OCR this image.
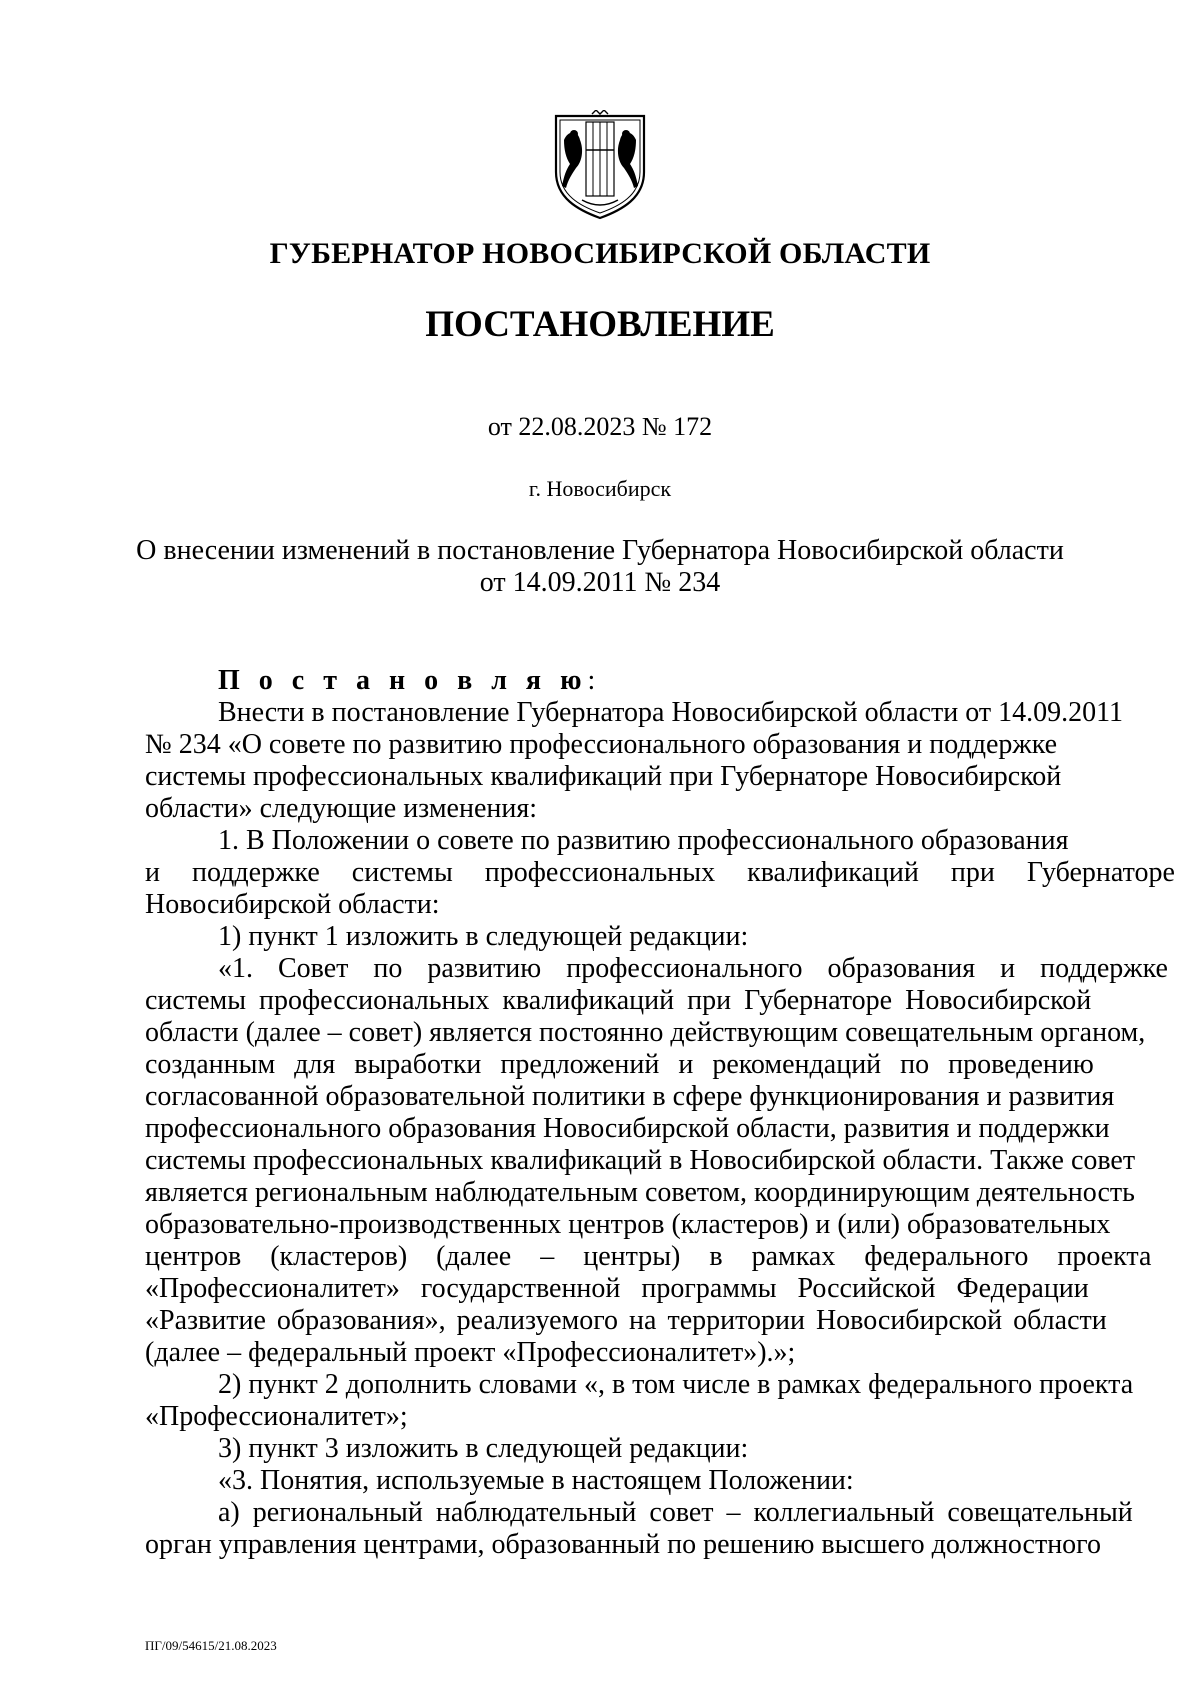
ГУБЕРНАТОР НОВОСИБИРСКОЙ ОБЛАСТИ
ПОСТАНОВЛЕНИЕ
от 22.08.2023 № 172
г. Новосибирск
О внесении изменений в постановление Губернатора Новосибирской области
от 14.09.2011 № 234
П о с т а н о в л я ю:
Внести в постановление Губернатора Новосибирской области от 14.09.2011
№ 234 «О совете по развитию профессионального образования и поддержке
системы профессиональных квалификаций при Губернаторе Новосибирской
области» следующие изменения:
1. В Положении о совете по развитию профессионального образования
и поддержке системы профессиональных квалификаций при Губернаторе
Новосибирской области:
1) пункт 1 изложить в следующей редакции:
«1. Совет по развитию профессионального образования и поддержке
системы профессиональных квалификаций при Губернаторе Новосибирской
области (далее – совет) является постоянно действующим совещательным органом,
созданным для выработки предложений и рекомендаций по проведению
согласованной образовательной политики в сфере функционирования и развития
профессионального образования Новосибирской области, развития и поддержки
системы профессиональных квалификаций в Новосибирской области. Также совет
является региональным наблюдательным советом, координирующим деятельность
образовательно-производственных центров (кластеров) и (или) образовательных
центров (кластеров) (далее – центры) в рамках федерального проекта
«Профессионалитет» государственной программы Российской Федерации
«Развитие образования», реализуемого на территории Новосибирской области
(далее – федеральный проект «Профессионалитет»).»;
2) пункт 2 дополнить словами «, в том числе в рамках федерального проекта
«Профессионалитет»;
3) пункт 3 изложить в следующей редакции:
«3. Понятия, используемые в настоящем Положении:
а) региональный наблюдательный совет – коллегиальный совещательный
орган управления центрами, образованный по решению высшего должностного
ПГ/09/54615/21.08.2023
